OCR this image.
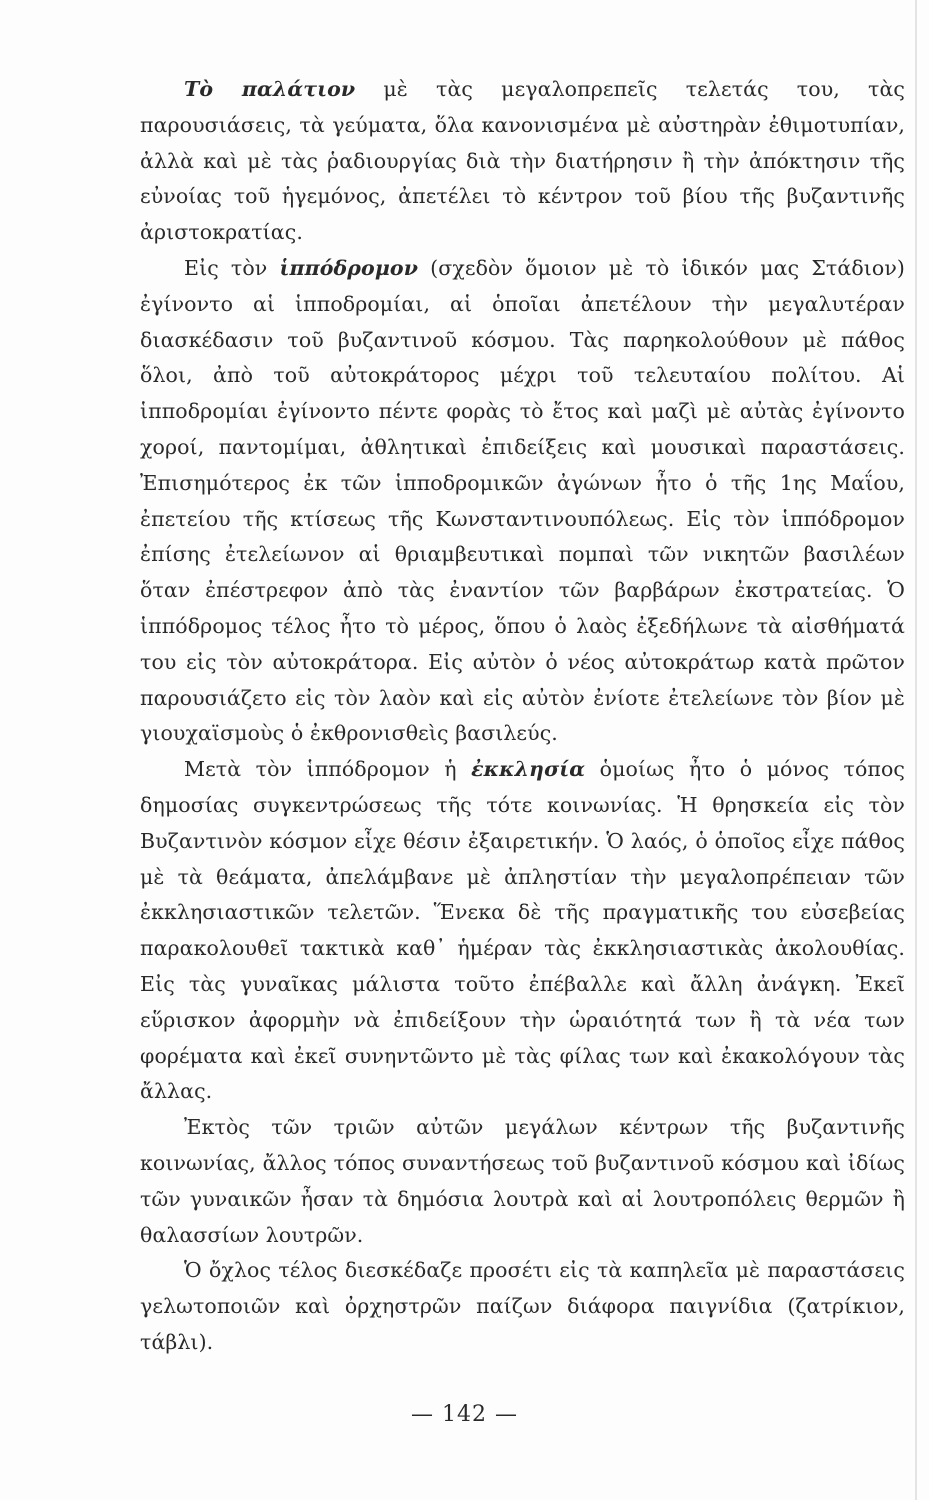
Τὸ παλάτιον μὲ τὰς μεγαλοπρεπεῖς τελετάς του, τὰς παρουσιάσεις, τὰ γεύματα, ὅλα κανονισμένα μὲ αὐστηρὰν ἐθιμοτυπίαν, ἀλλὰ καὶ μὲ τὰς ῥαδιουργίας διὰ τὴν διατήρησιν ἢ τὴν ἀπόκτησιν τῆς εὐνοίας τοῦ ἡγεμόνος, ἀπετέλει τὸ κέντρον τοῦ βίου τῆς βυζαντινῆς ἀριστοκρατίας.

Εἰς τὸν ἱππόδρομον (σχεδὸν ὅμοιον μὲ τὸ ἰδικόν μας Στάδιον) ἐγίνοντο αἱ ἱπποδρομίαι, αἱ ὁποῖαι ἀπετέλουν τὴν μεγαλυτέραν διασκέδασιν τοῦ βυζαντινοῦ κόσμου. Τὰς παρηκολούθουν μὲ πάθος ὅλοι, ἀπὸ τοῦ αὐτοκράτορος μέχρι τοῦ τελευταίου πολίτου. Αἱ ἱπποδρομίαι ἐγίνοντο πέντε φορὰς τὸ ἔτος καὶ μαζὶ μὲ αὐτὰς ἐγίνοντο χοροί, παντομίμαι, ἀθλητικαὶ ἐπιδείξεις καὶ μουσικαὶ παραστάσεις. Ἐπισημότερος ἐκ τῶν ἱπποδρομικῶν ἀγώνων ἦτο ὁ τῆς 1ης Μαΐου, ἐπετείου τῆς κτίσεως τῆς Κωνσταντινουπόλεως. Εἰς τὸν ἱππόδρομον ἐπίσης ἐτελείωνον αἱ θριαμβευτικαὶ πομπαὶ τῶν νικητῶν βασιλέων ὅταν ἐπέστρεφον ἀπὸ τὰς ἐναντίον τῶν βαρβάρων ἐκστρατείας. Ὁ ἱππόδρομος τέλος ἦτο τὸ μέρος, ὅπου ὁ λαὸς ἐξεδήλωνε τὰ αἰσθήματά του εἰς τὸν αὐτοκράτορα. Εἰς αὐτὸν ὁ νέος αὐτοκράτωρ κατὰ πρῶτον παρουσιάζετο εἰς τὸν λαὸν καὶ εἰς αὐτὸν ἐνίοτε ἐτελείωνε τὸν βίον μὲ γιουχαϊσμοὺς ὁ ἐκθρονισθεὶς βασιλεύς.

Μετὰ τὸν ἱππόδρομον ἡ ἐκκλησία ὁμοίως ἦτο ὁ μόνος τόπος δημοσίας συγκεντρώσεως τῆς τότε κοινωνίας. Ἡ θρησκεία εἰς τὸν Βυζαντινὸν κόσμον εἶχε θέσιν ἐξαιρετικήν. Ὁ λαός, ὁ ὁποῖος εἶχε πάθος μὲ τὰ θεάματα, ἀπελάμβανε μὲ ἀπληστίαν τὴν μεγαλοπρέπειαν τῶν ἐκκλησιαστικῶν τελετῶν. Ἕνεκα δὲ τῆς πραγματικῆς του εὐσεβείας παρακολουθεῖ τακτικὰ καθ᾽ ἡμέραν τὰς ἐκκλησιαστικὰς ἀκολουθίας. Εἰς τὰς γυναῖκας μάλιστα τοῦτο ἐπέβαλλε καὶ ἄλλη ἀνάγκη. Ἐκεῖ εὕρισκον ἀφορμὴν νὰ ἐπιδείξουν τὴν ὡραιότητά των ἢ τὰ νέα των φορέματα καὶ ἐκεῖ συνηντῶντο μὲ τὰς φίλας των καὶ ἐκακολόγουν τὰς ἄλλας.

Ἐκτὸς τῶν τριῶν αὐτῶν μεγάλων κέντρων τῆς βυζαντινῆς κοινωνίας, ἄλλος τόπος συναντήσεως τοῦ βυζαντινοῦ κόσμου καὶ ἰδίως τῶν γυναικῶν ἦσαν τὰ δημόσια λουτρὰ καὶ αἱ λουτροπόλεις θερμῶν ἢ θαλασσίων λουτρῶν.

Ὁ ὄχλος τέλος διεσκέδαζε προσέτι εἰς τὰ καπηλεῖα μὲ παραστάσεις γελωτοποιῶν καὶ ὀρχηστρῶν παίζων διάφορα παιγνίδια (ζατρίκιον, τάβλι).

— 142 —
